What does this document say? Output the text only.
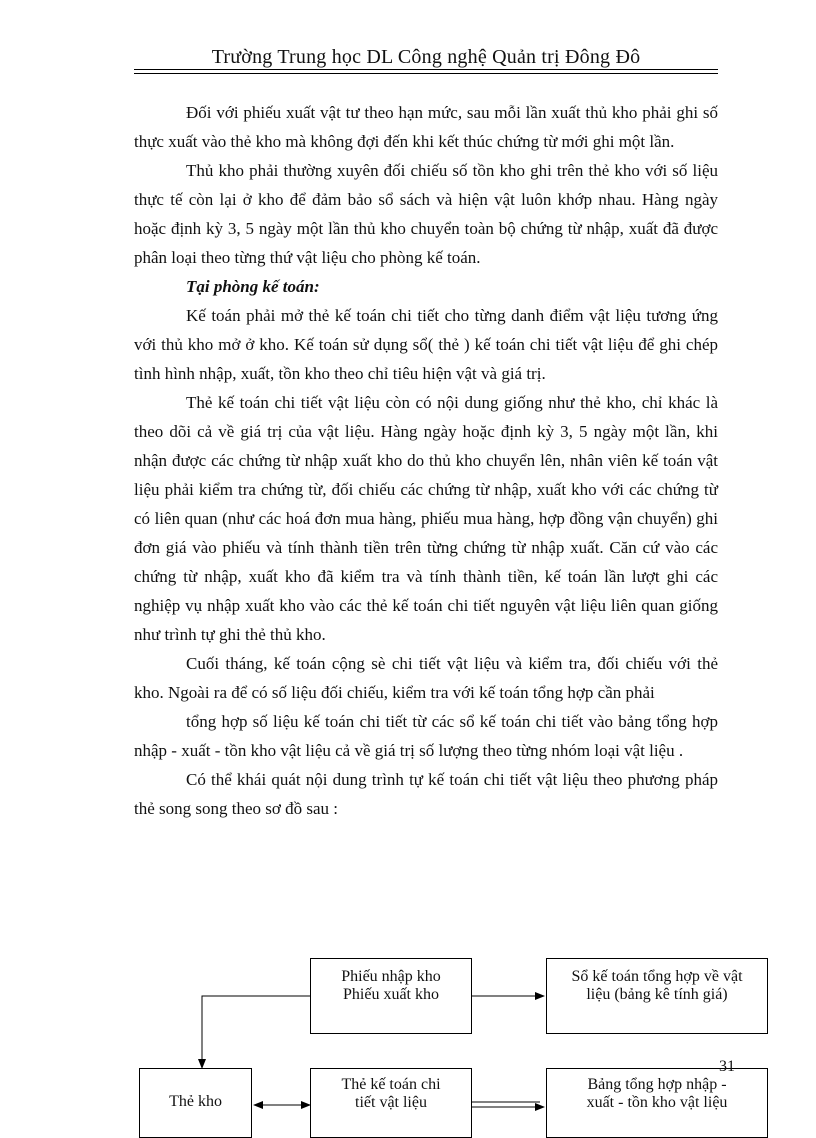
Trường Trung học DL Công nghệ Quản trị Đông Đô

Đối với phiếu xuất vật tư theo hạn mức, sau mỗi lần xuất thủ kho phải ghi số thực xuất vào thẻ kho mà không đợi đến khi kết thúc chứng từ mới ghi một lần.

Thủ kho phải thường xuyên đối chiếu số tồn kho ghi trên thẻ kho với số liệu thực tế còn lại ở kho để đảm bảo sổ sách và hiện vật luôn khớp nhau. Hàng ngày hoặc định kỳ 3, 5 ngày một lần thủ kho chuyển toàn bộ chứng từ nhập, xuất đã được phân loại theo từng thứ vật liệu cho phòng kế toán.

Tại phòng kế toán:

Kế toán phải mở thẻ kế toán chi tiết cho từng danh điểm vật liệu tương ứng với thủ kho mở ở kho. Kế toán sử dụng sổ( thẻ ) kế toán chi tiết vật liệu để ghi chép tình hình nhập, xuất, tồn kho theo chỉ tiêu hiện vật và giá trị.

Thẻ kế toán chi tiết vật liệu còn có nội dung giống như thẻ kho, chỉ khác là theo dõi cả về giá trị của vật liệu. Hàng ngày hoặc định kỳ 3, 5 ngày một lần, khi nhận được các chứng từ nhập xuất kho do thủ kho chuyển lên, nhân viên kế toán vật liệu phải kiểm tra chứng từ, đối chiếu các chứng từ nhập, xuất kho với các chứng từ có liên quan (như các hoá đơn mua hàng, phiếu mua hàng, hợp đồng vận chuyển) ghi đơn giá vào phiếu và tính thành tiền trên từng chứng từ nhập xuất. Căn cứ vào các chứng từ nhập, xuất kho đã kiểm tra và tính thành tiền, kế toán lần lượt ghi các nghiệp vụ nhập xuất kho vào các thẻ kế toán chi tiết nguyên vật liệu liên quan giống như trình tự ghi thẻ thủ kho.

Cuối tháng, kế toán cộng sè chi tiết vật liệu và kiểm tra, đối chiếu với thẻ kho. Ngoài ra để có số liệu đối chiếu, kiểm tra với kế toán tổng hợp cần phải

tổng hợp số liệu kế toán chi tiết từ các sổ kế toán chi tiết vào bảng tổng hợp nhập - xuất - tồn kho vật liệu cả về giá trị số lượng theo từng nhóm loại vật liệu .

Có thể khái quát nội dung trình tự kế toán chi tiết vật liệu theo phương pháp thẻ song song theo sơ đồ sau :

Phiếu nhập kho
Phiếu xuất kho
Sổ kế toán tổng hợp về vật
liệu (bảng kê tính giá)
Thẻ kho
Thẻ kế toán chi
tiết vật liệu
Bảng tổng hợp nhập -
xuất - tồn kho vật liệu
31
